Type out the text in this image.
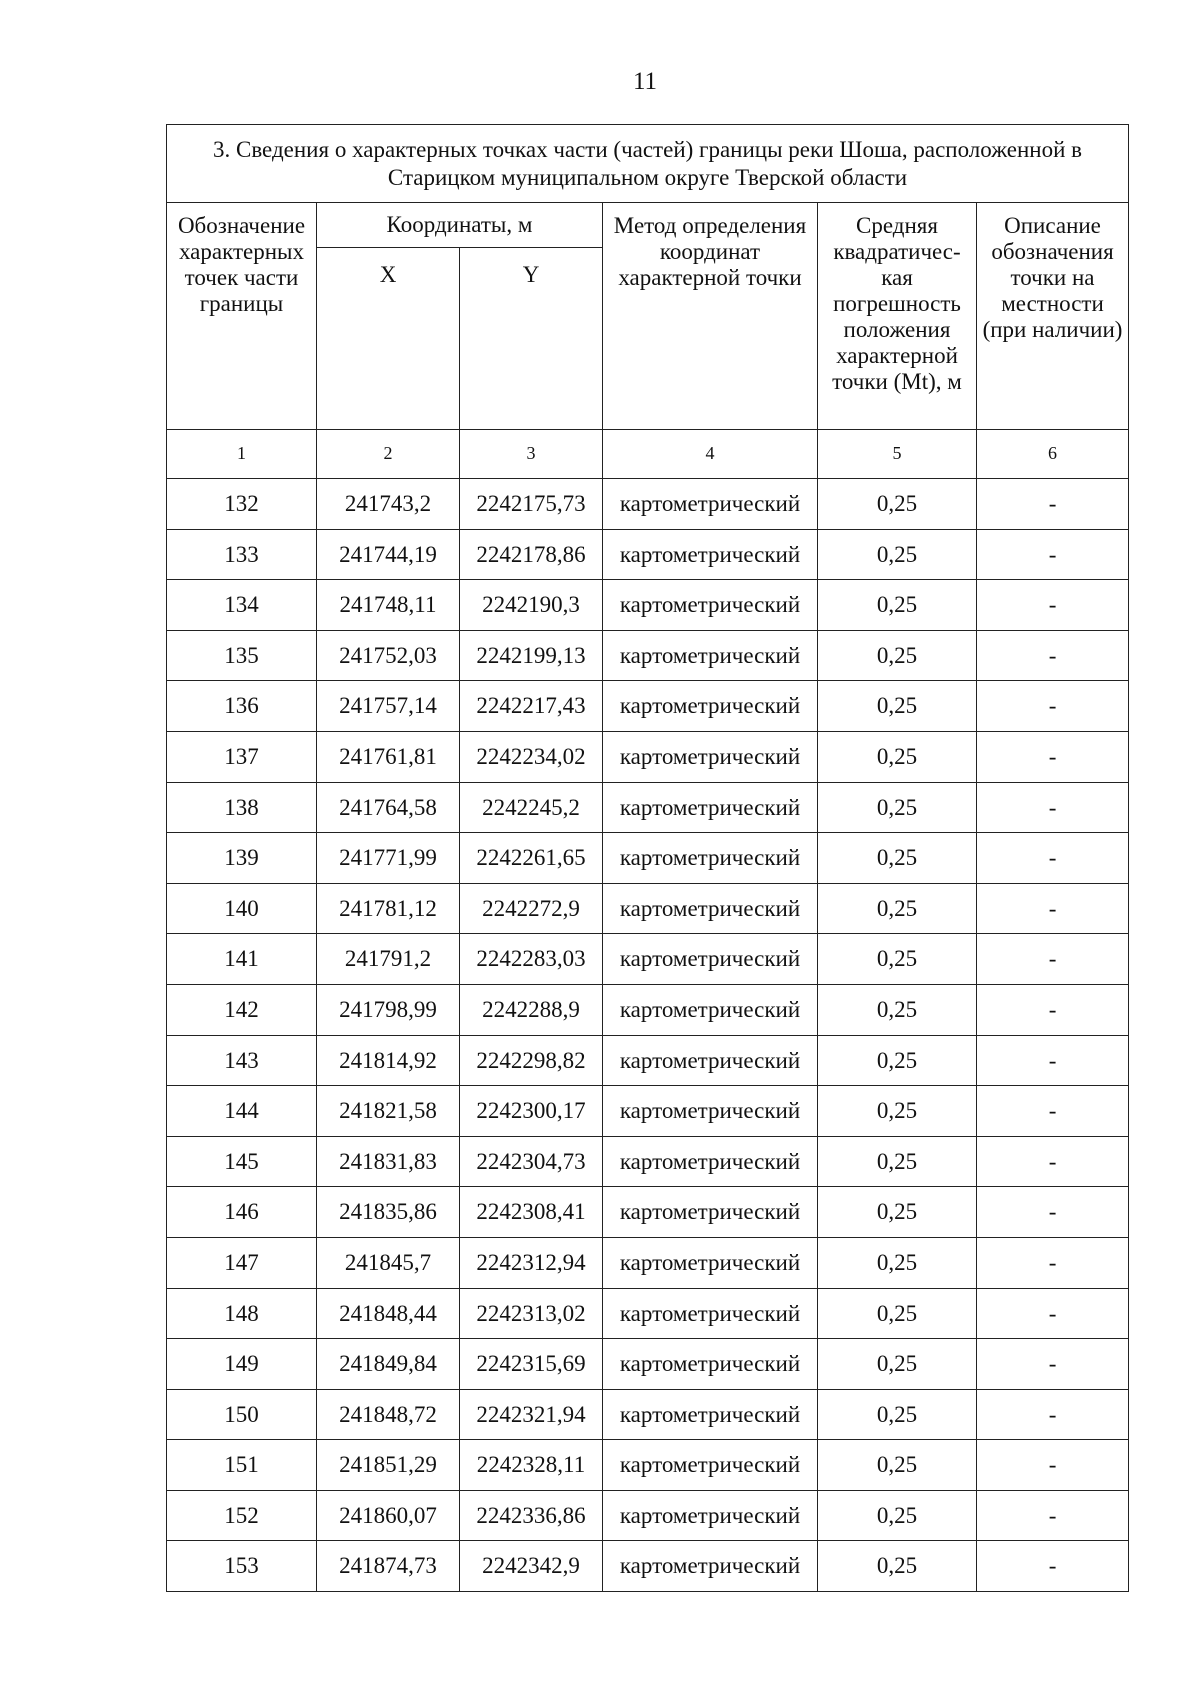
11
3. Сведения о характерных точках части (частей) границы реки Шоша, расположенной в Старицком муниципальном округе Тверской области					
Обозначение характерных точек части границы	Координаты, м		Метод определения координат характерной точки	Средняя квадратичес-кая погрешность положения характерной точки (Mt), м	Описание обозначения точки на местности (при наличии)
	X	Y			
1	2	3	4	5	6
132	241743,2	2242175,73	картометрический	0,25	-
133	241744,19	2242178,86	картометрический	0,25	-
134	241748,11	2242190,3	картометрический	0,25	-
135	241752,03	2242199,13	картометрический	0,25	-
136	241757,14	2242217,43	картометрический	0,25	-
137	241761,81	2242234,02	картометрический	0,25	-
138	241764,58	2242245,2	картометрический	0,25	-
139	241771,99	2242261,65	картометрический	0,25	-
140	241781,12	2242272,9	картометрический	0,25	-
141	241791,2	2242283,03	картометрический	0,25	-
142	241798,99	2242288,9	картометрический	0,25	-
143	241814,92	2242298,82	картометрический	0,25	-
144	241821,58	2242300,17	картометрический	0,25	-
145	241831,83	2242304,73	картометрический	0,25	-
146	241835,86	2242308,41	картометрический	0,25	-
147	241845,7	2242312,94	картометрический	0,25	-
148	241848,44	2242313,02	картометрический	0,25	-
149	241849,84	2242315,69	картометрический	0,25	-
150	241848,72	2242321,94	картометрический	0,25	-
151	241851,29	2242328,11	картометрический	0,25	-
152	241860,07	2242336,86	картометрический	0,25	-
153	241874,73	2242342,9	картометрический	0,25	-
